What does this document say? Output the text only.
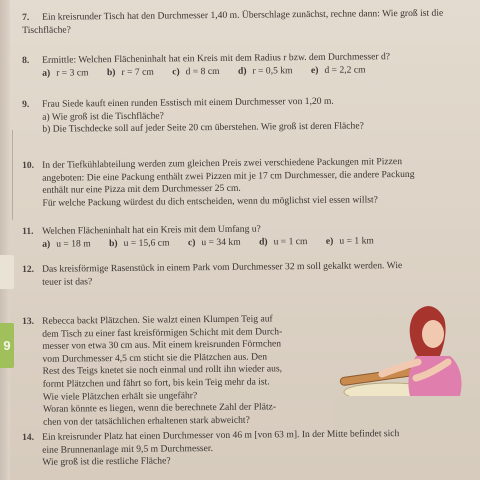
9
7. Ein kreisrunder Tisch hat den Durchmesser 1,40 m. Überschlage zunächst, rechne dann: Wie groß ist die Tischfläche?
8. Ermittle: Welchen Flächeninhalt hat ein Kreis mit dem Radius r bzw. dem Durchmesser d?
a) r = 3 cm b) r = 7 cm c) d = 8 cm d) r = 0,5 km e) d = 2,2 cm
9. Frau Siede kauft einen runden Esstisch mit einem Durchmesser von 1,20 m.
a) Wie groß ist die Tischfläche?
b) Die Tischdecke soll auf jeder Seite 20 cm überstehen. Wie groß ist deren Fläche?
10. In der Tiefkühlabteilung werden zum gleichen Preis zwei verschiedene Packungen mit Pizzen
angeboten: Die eine Packung enthält zwei Pizzen mit je 17 cm Durchmesser, die andere Packung
enthält nur eine Pizza mit dem Durchmesser 25 cm.
Für welche Packung würdest du dich entscheiden, wenn du möglichst viel essen willst?
11. Welchen Flächeninhalt hat ein Kreis mit dem Umfang u?
a) u = 18 m b) u = 15,6 cm c) u = 34 km d) u = 1 cm e) u = 1 km
12. Das kreisförmige Rasenstück in einem Park vom Durchmesser 32 m soll gekalkt werden. Wie
teuer ist das?
13. Rebecca backt Plätzchen. Sie walzt einen Klumpen Teig auf
dem Tisch zu einer fast kreisförmigen Schicht mit dem Durch-
messer von etwa 30 cm aus. Mit einem kreisrunden Förmchen
vom Durchmesser 4,5 cm sticht sie die Plätzchen aus. Den
Rest des Teigs knetet sie noch einmal und rollt ihn wieder aus,
formt Plätzchen und fährt so fort, bis kein Teig mehr da ist.
Wie viele Plätzchen erhält sie ungefähr?
Woran könnte es liegen, wenn die berechnete Zahl der Plätz-
chen von der tatsächlichen erhaltenen stark abweicht?
14. Ein kreisrunder Platz hat einen Durchmesser von 46 m [von 63 m]. In der Mitte befindet sich
eine Brunnenanlage mit 9,5 m Durchmesser.
Wie groß ist die restliche Fläche?
